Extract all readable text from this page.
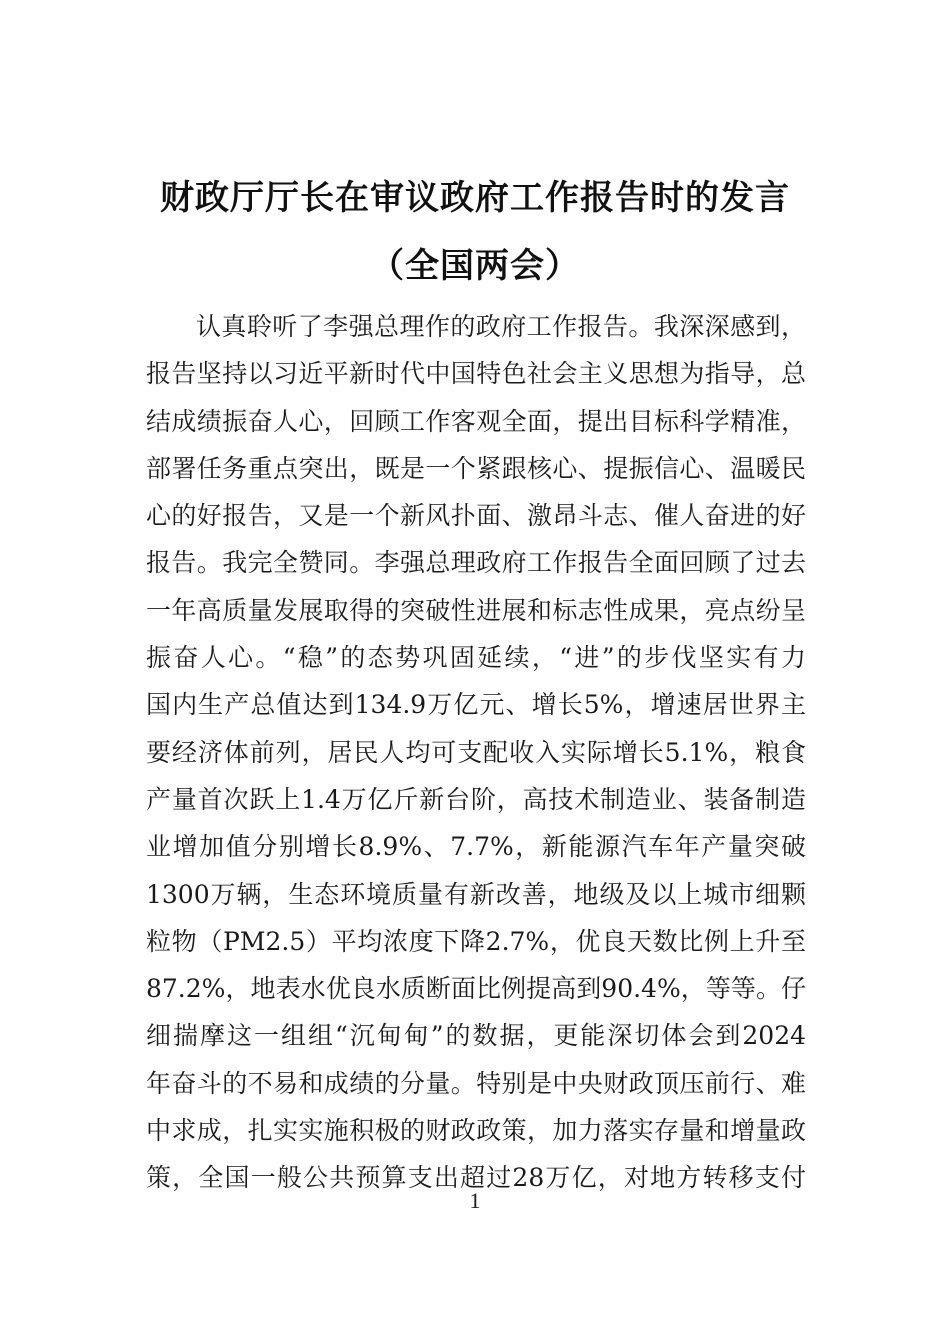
财政厅厅长在审议政府工作报告时的发言
（全国两会）
认真聆听了李强总理作的政府工作报告。我深深感到，
报告坚持以习近平新时代中国特色社会主义思想为指导，总
结成绩振奋人心，回顾工作客观全面，提出目标科学精准，
部署任务重点突出，既是一个紧跟核心、提振信心、温暖民
心的好报告，又是一个新风扑面、激昂斗志、催人奋进的好
报告。我完全赞同。李强总理政府工作报告全面回顾了过去
一年高质量发展取得的突破性进展和标志性成果，亮点纷呈
振奋人心。“稳”的态势巩固延续，“进”的步伐坚实有力
国内生产总值达到134.9万亿元、增长5%，增速居世界主
要经济体前列，居民人均可支配收入实际增长5.1%，粮食
产量首次跃上1.4万亿斤新台阶，高技术制造业、装备制造
业增加值分别增长8.9%、7.7%，新能源汽车年产量突破
1300万辆，生态环境质量有新改善，地级及以上城市细颗
粒物（PM2.5）平均浓度下降2.7%，优良天数比例上升至
87.2%，地表水优良水质断面比例提高到90.4%，等等。仔
细揣摩这一组组“沉甸甸”的数据，更能深切体会到2024
年奋斗的不易和成绩的分量。特别是中央财政顶压前行、难
中求成，扎实实施积极的财政政策，加力落实存量和增量政
策，全国一般公共预算支出超过28万亿，对地方转移支付
1
